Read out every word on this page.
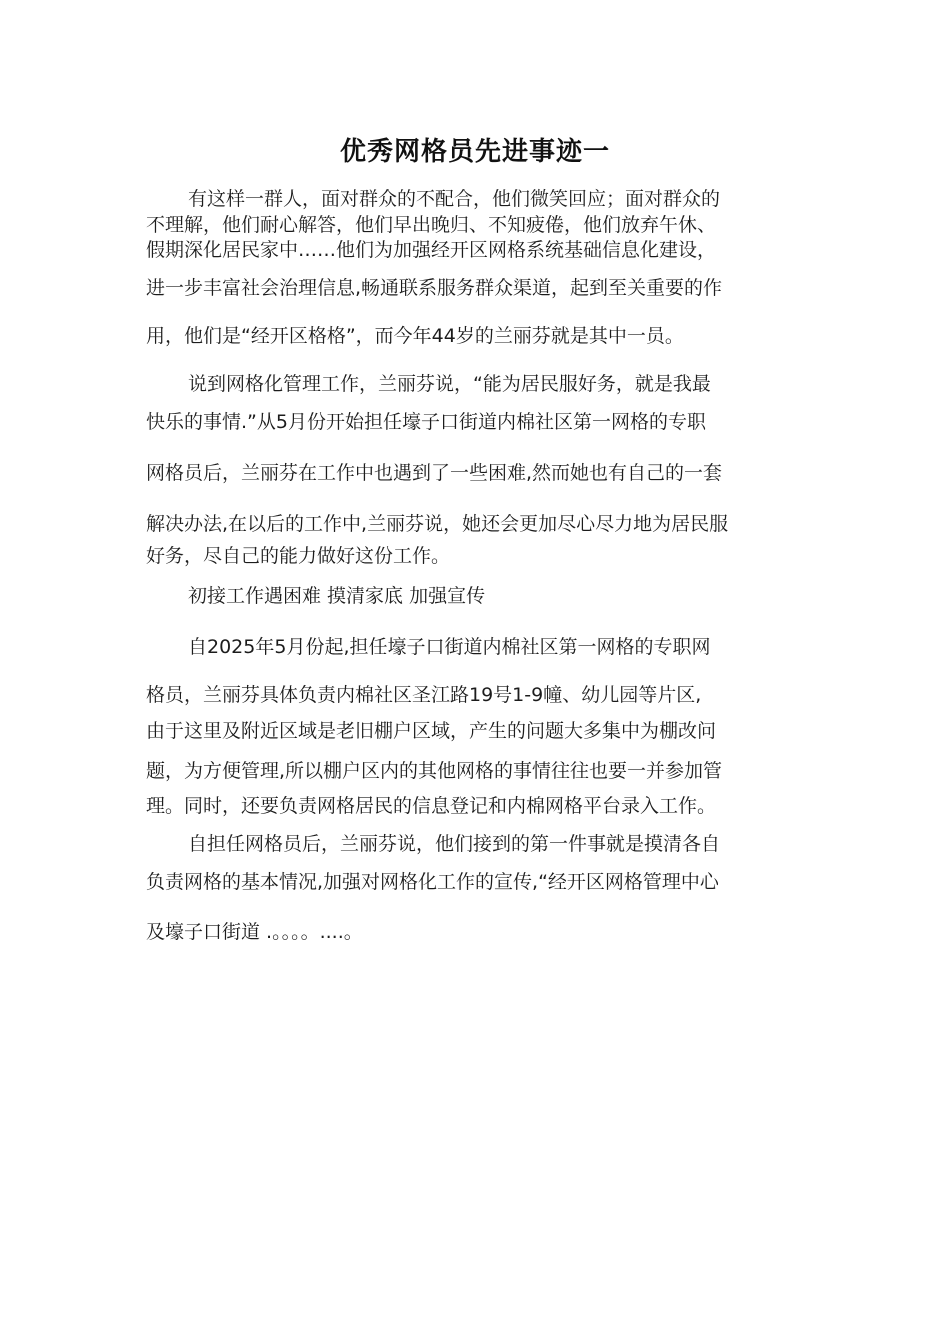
优秀网格员先进事迹一

有这样一群人，面对群众的不配合，他们微笑回应；面对群众的

不理解，他们耐心解答，他们早出晚归、不知疲倦，他们放弃午休、

假期深化居民家中……他们为加强经开区网格系统基础信息化建设，

进一步丰富社会治理信息,畅通联系服务群众渠道，起到至关重要的作

用，他们是“经开区格格”，而今年44岁的兰丽芬就是其中一员。

说到网格化管理工作，兰丽芬说，“能为居民服好务，就是我最

快乐的事情.”从5月份开始担任壕子口街道内棉社区第一网格的专职

网格员后，兰丽芬在工作中也遇到了一些困难,然而她也有自己的一套

解决办法,在以后的工作中,兰丽芬说，她还会更加尽心尽力地为居民服

好务，尽自己的能力做好这份工作。

初接工作遇困难 摸清家底 加强宣传

自2025年5月份起,担任壕子口街道内棉社区第一网格的专职网

格员，兰丽芬具体负责内棉社区圣江路19号1-9幢、幼儿园等片区,

由于这里及附近区域是老旧棚户区域，产生的问题大多集中为棚改问

题，为方便管理,所以棚户区内的其他网格的事情往往也要一并参加管

理。同时，还要负责网格居民的信息登记和内棉网格平台录入工作。

自担任网格员后，兰丽芬说，他们接到的第一件事就是摸清各自

负责网格的基本情况,加强对网格化工作的宣传,“经开区网格管理中心

及壕子口街道 .。。。。....。
